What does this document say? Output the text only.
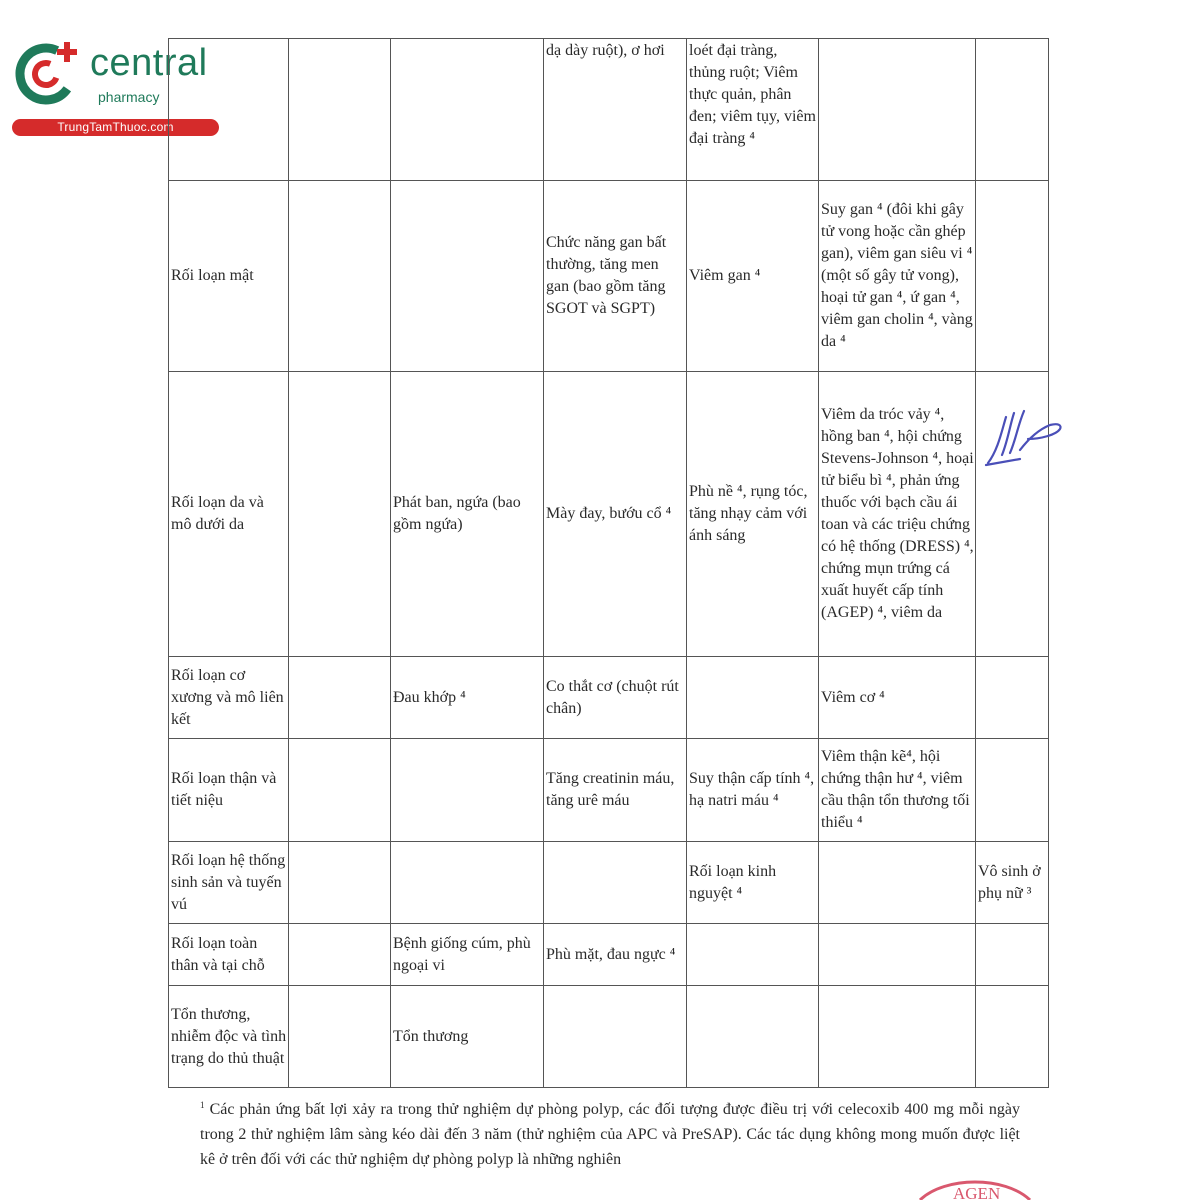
central
pharmacy
TrungTamThuoc.com
			dạ dày ruột), ơ hơi	loét đại tràng, thủng ruột; Viêm thực quản, phân đen; viêm tụy, viêm đại tràng ⁴		
Rối loạn mật			Chức năng gan bất thường, tăng men gan (bao gồm tăng SGOT và SGPT)	Viêm gan ⁴	Suy gan ⁴ (đôi khi gây tử vong hoặc cần ghép gan), viêm gan siêu vi ⁴ (một số gây tử vong), hoại tử gan ⁴, ứ gan ⁴, viêm gan cholin ⁴, vàng da ⁴	
Rối loạn da và mô dưới da		Phát ban, ngứa (bao gồm ngứa)	Mày đay, bướu cổ ⁴	Phù nề ⁴, rụng tóc, tăng nhạy cảm với ánh sáng	Viêm da tróc vảy ⁴, hồng ban ⁴, hội chứng Stevens-Johnson ⁴, hoại tử biểu bì ⁴, phản ứng thuốc với bạch cầu ái toan và các triệu chứng có hệ thống (DRESS) ⁴, chứng mụn trứng cá xuất huyết cấp tính (AGEP) ⁴, viêm da	
Rối loạn cơ xương và mô liên kết		Đau khớp ⁴	Co thắt cơ (chuột rút chân)		Viêm cơ ⁴	
Rối loạn thận và tiết niệu			Tăng creatinin máu, tăng urê máu	Suy thận cấp tính ⁴, hạ natri máu ⁴	Viêm thận kẽ⁴, hội chứng thận hư ⁴, viêm cầu thận tổn thương tối thiểu ⁴	
Rối loạn hệ thống sinh sản và tuyến vú				Rối loạn kinh nguyệt ⁴		Vô sinh ở phụ nữ ³
Rối loạn toàn thân và tại chỗ		Bệnh giống cúm, phù ngoại vi	Phù mặt, đau ngực ⁴			
Tổn thương, nhiễm độc và tình trạng do thủ thuật		Tổn thương				
$^1$ Các phản ứng bất lợi xảy ra trong thử nghiệm dự phòng polyp, các đối tượng được điều trị với celecoxib 400 mg mỗi ngày trong 2 thử nghiệm lâm sàng kéo dài đến 3 năm (thử nghiệm của APC và PreSAP). Các tác dụng không mong muốn được liệt kê ở trên đối với các thử nghiệm dự phòng polyp là những nghiên
AGEN
